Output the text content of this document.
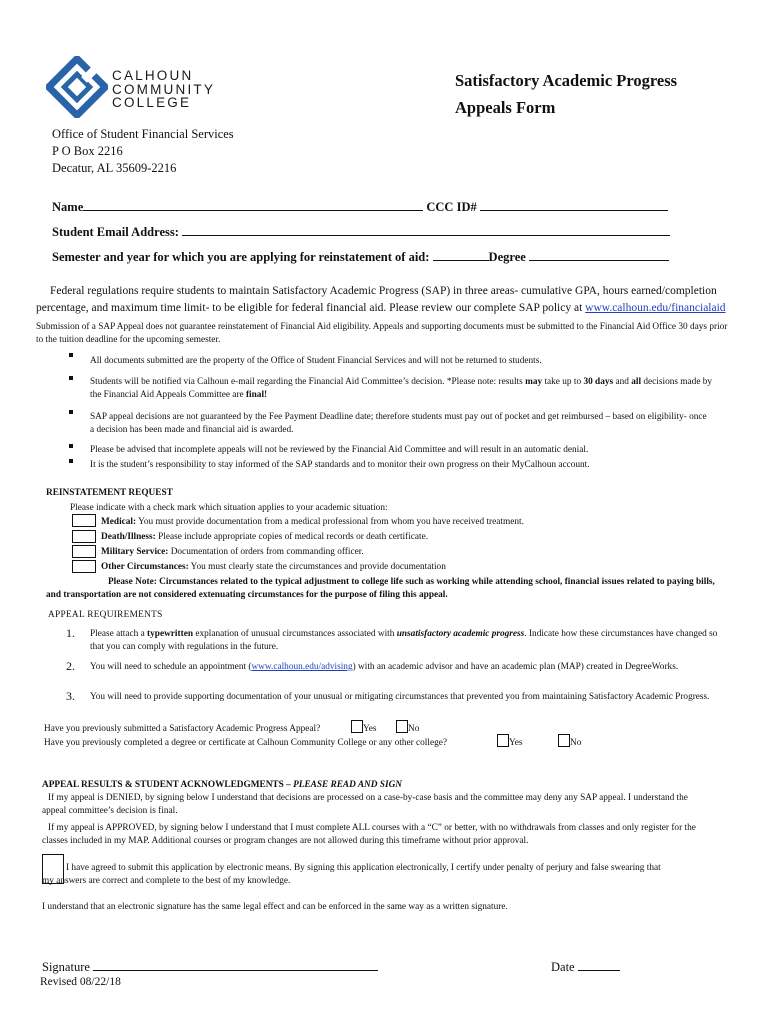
CALHOUN
COMMUNITY
COLLEGE
Satisfactory Academic Progress
Appeals Form
Office of Student Financial Services
P O Box 2216
Decatur, AL 35609-2216
Name	CCC ID#
Student Email Address:
Semester and year for which you are applying for reinstatement of aid:	Degree
Federal regulations require students to maintain Satisfactory Academic Progress (SAP) in three areas- cumulative GPA, hours earned/completion percentage, and maximum time limit- to be eligible for federal financial aid. Please review our complete SAP policy at www.calhoun.edu/financialaid
Submission of a SAP Appeal does not guarantee reinstatement of Financial Aid eligibility. Appeals and supporting documents must be submitted to the Financial Aid Office 30 days prior to the tuition deadline for the upcoming semester.
All documents submitted are the property of the Office of Student Financial Services and will not be returned to students.
Students will be notified via Calhoun e-mail regarding the Financial Aid Committee’s decision. *Please note: results may take up to 30 days and all decisions made by the Financial Aid Appeals Committee are final!
SAP appeal decisions are not guaranteed by the Fee Payment Deadline date; therefore students must pay out of pocket and get reimbursed – based on eligibility- once a decision has been made and financial aid is awarded.
Please be advised that incomplete appeals will not be reviewed by the Financial Aid Committee and will result in an automatic denial.
It is the student’s responsibility to stay informed of the SAP standards and to monitor their own progress on their MyCalhoun account.
REINSTATEMENT REQUEST
Please indicate with a check mark which situation applies to your academic situation:
Medical: You must provide documentation from a medical professional from whom you have received treatment.
Death/Illness: Please include appropriate copies of medical records or death certificate.
Military Service: Documentation of orders from commanding officer.
Other Circumstances: You must clearly state the circumstances and provide documentation
Please Note: Circumstances related to the typical adjustment to college life such as working while attending school, financial issues related to paying bills, and transportation are not considered extenuating circumstances for the purpose of filing this appeal.
APPEAL REQUIREMENTS
1. Please attach a typewritten explanation of unusual circumstances associated with unsatisfactory academic progress. Indicate how these circumstances have changed so that you can comply with regulations in the future.
2. You will need to schedule an appointment (www.calhoun.edu/advising) with an academic advisor and have an academic plan (MAP) created in DegreeWorks.
3. You will need to provide supporting documentation of your unusual or mitigating circumstances that prevented you from maintaining Satisfactory Academic Progress.
Have you previously submitted a Satisfactory Academic Progress Appeal?	Yes	No
Have you previously completed a degree or certificate at Calhoun Community College or any other college?	Yes	No
APPEAL RESULTS & STUDENT ACKNOWLEDGMENTS – PLEASE READ AND SIGN
If my appeal is DENIED, by signing below I understand that decisions are processed on a case-by-case basis and the committee may deny any SAP appeal. I understand the appeal committee’s decision is final.
If my appeal is APPROVED, by signing below I understand that I must complete ALL courses with a “C” or better, with no withdrawals from classes and only register for the classes included in my MAP. Additional courses or program changes are not allowed during this timeframe without prior approval.
I have agreed to submit this application by electronic means. By signing this application electronically, I certify under penalty of perjury and false swearing that my answers are correct and complete to the best of my knowledge.
I understand that an electronic signature has the same legal effect and can be enforced in the same way as a written signature.
Signature	Date
Revised 08/22/18
